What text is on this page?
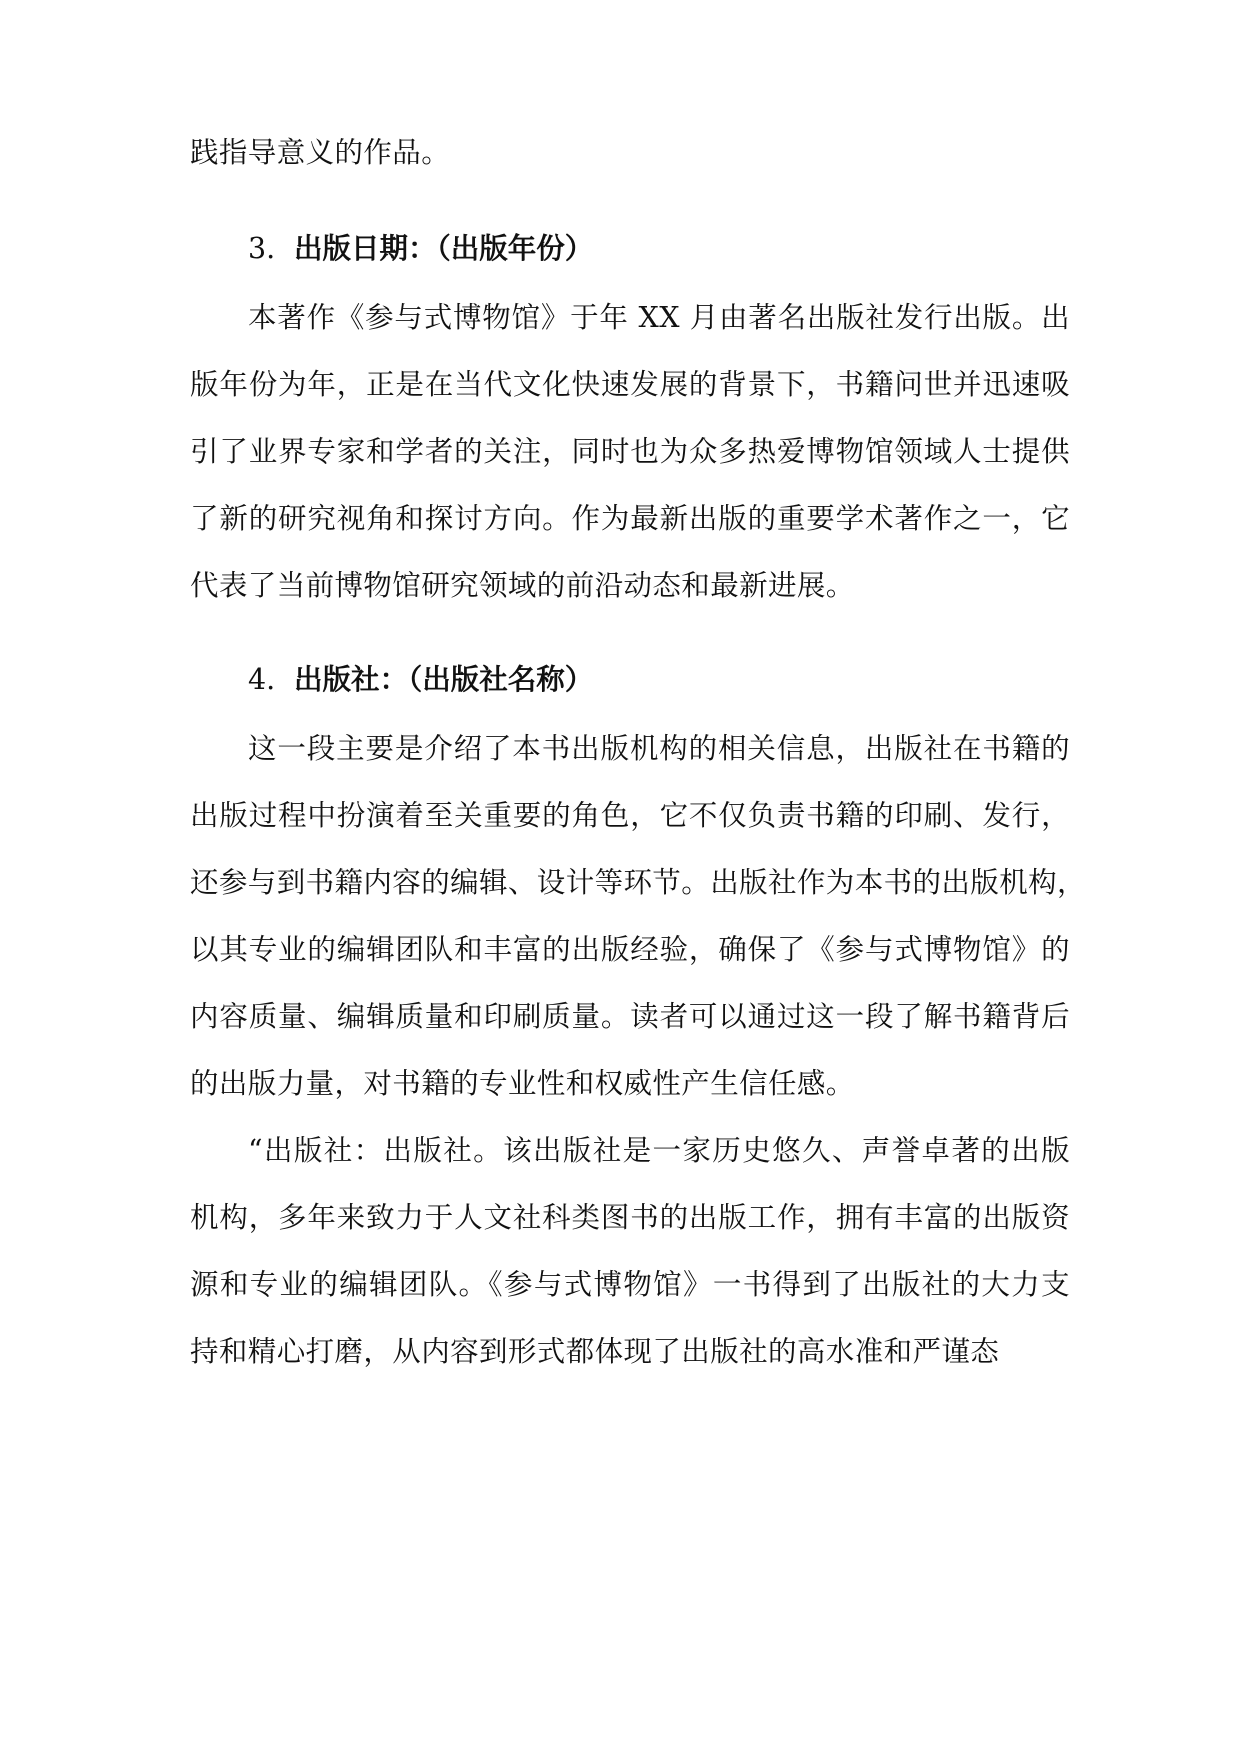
践指导意义的作品。
3. 出版日期：（出版年份）
本著作《参与式博物馆》于年 XX 月由著名出版社发行出版。出
版年份为年，正是在当代文化快速发展的背景下，书籍问世并迅速吸
引了业界专家和学者的关注，同时也为众多热爱博物馆领域人士提供
了新的研究视角和探讨方向。作为最新出版的重要学术著作之一，它
代表了当前博物馆研究领域的前沿动态和最新进展。
4. 出版社：（出版社名称）
这一段主要是介绍了本书出版机构的相关信息，出版社在书籍的
出版过程中扮演着至关重要的角色，它不仅负责书籍的印刷、发行，
还参与到书籍内容的编辑、设计等环节。出版社作为本书的出版机构，
以其专业的编辑团队和丰富的出版经验，确保了《参与式博物馆》的
内容质量、编辑质量和印刷质量。读者可以通过这一段了解书籍背后
的出版力量，对书籍的专业性和权威性产生信任感。
“出版社：出版社。该出版社是一家历史悠久、声誉卓著的出版
机构，多年来致力于人文社科类图书的出版工作，拥有丰富的出版资
源和专业的编辑团队。《参与式博物馆》一书得到了出版社的大力支
持和精心打磨，从内容到形式都体现了出版社的高水准和严谨态
